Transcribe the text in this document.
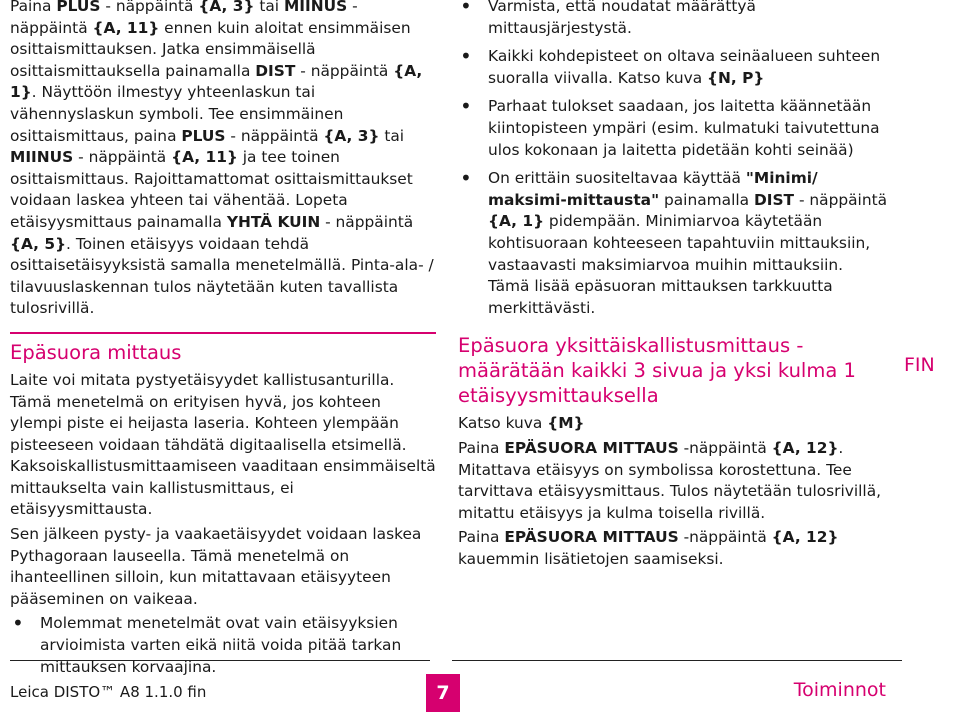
Paina PLUS - näppäintä {A, 3} tai MIINUS - näppäintä {A, 11} ennen kuin aloitat ensimmäisen osittaismittauksen. Jatka ensimmäisellä osittaismittauksella painamalla DIST - näppäintä {A, 1}. Näyttöön ilmestyy yhteenlaskun tai vähennyslaskun symboli. Tee ensimmäinen osittaismittaus, paina PLUS - näppäintä {A, 3} tai MIINUS - näppäintä {A, 11} ja tee toinen osittaismittaus. Rajoittamattomat osittaismittaukset voidaan laskea yhteen tai vähentää. Lopeta etäisyysmittaus painamalla YHTÄ KUIN - näppäintä {A, 5}. Toinen etäisyys voidaan tehdä osittaisetäisyyksistä samalla menetelmällä. Pinta-ala- / tilavuuslaskennan tulos näytetään kuten tavallista tulosrivillä.

Epäsuora mittaus

Laite voi mitata pystyetäisyydet kallistusanturilla. Tämä menetelmä on erityisen hyvä, jos kohteen ylempi piste ei heijasta laseria. Kohteen ylempään pisteeseen voidaan tähdätä digitaalisella etsimellä. Kaksoiskallistusmittaamiseen vaaditaan ensimmäiseltä mittaukselta vain kallistusmittaus, ei etäisyysmittausta.

Sen jälkeen pysty- ja vaakaetäisyydet voidaan laskea Pythagoraan lauseella. Tämä menetelmä on ihanteellinen silloin, kun mitattavaan etäisyyteen pääseminen on vaikeaa.

• Molemmat menetelmät ovat vain etäisyyksien arvioimista varten eikä niitä voida pitää tarkan mittauksen korvaajina.
• Varmista, että noudatat määrättyä mittausjärjestystä.
• Kaikki kohdepisteet on oltava seinäalueen suhteen suoralla viivalla. Katso kuva {N, P}
• Parhaat tulokset saadaan, jos laitetta käännetään kiintopisteen ympäri (esim. kulmatuki taivutettuna ulos kokonaan ja laitetta pidetään kohti seinää)
• On erittäin suositeltavaa käyttää "Minimi/ maksimi-mittausta" painamalla DIST - näppäintä {A, 1} pidempään. Minimiarvoa käytetään kohtisuoraan kohteeseen tapahtuviin mittauksiin, vastaavasti maksimiarvoa muihin mittauksiin. Tämä lisää epäsuoran mittauksen tarkkuutta merkittävästi.
Epäsuora yksittäiskallistusmittaus - määrätään kaikki 3 sivua ja yksi kulma 1 etäisyysmittauksella

Katso kuva {M}

Paina EPÄSUORA MITTAUS -näppäintä {A, 12}. Mitattava etäisyys on symbolissa korostettuna. Tee tarvittava etäisyysmittaus. Tulos näytetään tulosrivillä, mitattu etäisyys ja kulma toisella rivillä.

Paina EPÄSUORA MITTAUS -näppäintä {A, 12} kauemmin lisätietojen saamiseksi.

FIN
Leica DISTO™ A8 1.1.0 fin	7	Toiminnot
